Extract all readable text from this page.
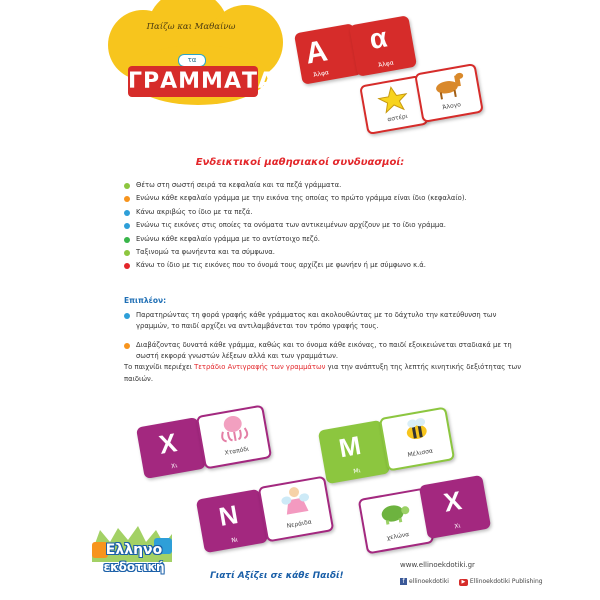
Παίζω και Μαθαίνω
τα
ΓΡΑΜΜΑΤΑ
Α
Άλφα
α
Άλφα
αστέρι
Άλογο
Ενδεικτικοί μαθησιακοί συνδυασμοί:
Θέτω στη σωστή σειρά τα κεφαλαία και τα πεζά γράμματα.
Ενώνω κάθε κεφαλαίο γράμμα με την εικόνα της οποίας το πρώτο γράμμα είναι ίδιο (κεφαλαίο).
Κάνω ακριβώς το ίδιο με τα πεζά.
Ενώνω τις εικόνες στις οποίες τα ονόματα των αντικειμένων αρχίζουν με το ίδιο γράμμα.
Ενώνω κάθε κεφαλαίο γράμμα με το αντίστοιχο πεζό.
Ταξινομώ τα φωνήεντα και τα σύμφωνα.
Κάνω το ίδιο με τις εικόνες που το όνομά τους αρχίζει με φωνήεν ή με σύμφωνο κ.ά.
Επιπλέον:

Παρατηρώντας τη φορά γραφής κάθε γράμματος και ακολουθώντας με το δάχτυλο την κατεύθυνση των γραμμών, το παιδί αρχίζει να αντιλαμβάνεται τον τρόπο γραφής τους.

Διαβάζοντας δυνατά κάθε γράμμα, καθώς και το όνομα κάθε εικόνας, το παιδί εξοικειώνεται σταδιακά με τη σωστή εκφορά γνωστών λέξεων αλλά και των γραμμάτων.

Το παιχνίδι περιέχει Τετράδιο Αντιγραφής των γραμμάτων για την ανάπτυξη της λεπτής κινητικής δεξιότητας των παιδιών.
Χ
Χι
Χταπόδι	Μ
Μι
Μέλισσα
Ν
Νι
Νεράιδα
χελώνα
Χ
Χι
Ελληνο
εκδοτική
Γιατί Αξίζει σε κάθε Παιδί!
www.ellinoekdotiki.gr
f ellinoekdotiki ▶ Ellinoekdotiki Publishing
